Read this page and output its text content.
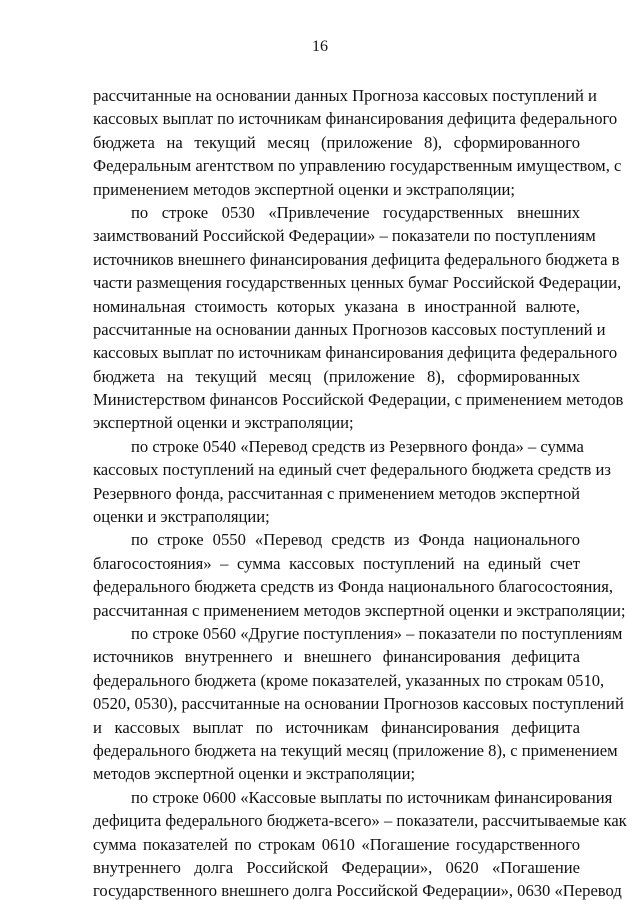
16
рассчитанные на основании данных Прогноза кассовых поступлений и
кассовых выплат по источникам финансирования дефицита федерального
бюджета на текущий месяц (приложение 8), сформированного
Федеральным агентством по управлению государственным имуществом, с
применением методов экспертной оценки и экстраполяции;
по строке 0530 «Привлечение государственных внешних
заимствований Российской Федерации» – показатели по поступлениям
источников внешнего финансирования дефицита федерального бюджета в
части размещения государственных ценных бумаг Российской Федерации,
номинальная стоимость которых указана в иностранной валюте,
рассчитанные на основании данных Прогнозов кассовых поступлений и
кассовых выплат по источникам финансирования дефицита федерального
бюджета на текущий месяц (приложение 8), сформированных
Министерством финансов Российской Федерации, с применением методов
экспертной оценки и экстраполяции;
по строке 0540 «Перевод средств из Резервного фонда» – сумма
кассовых поступлений на единый счет федерального бюджета средств из
Резервного фонда, рассчитанная с применением методов экспертной
оценки и экстраполяции;
по строке 0550 «Перевод средств из Фонда национального
благосостояния» – сумма кассовых поступлений на единый счет
федерального бюджета средств из Фонда национального благосостояния,
рассчитанная с применением методов экспертной оценки и экстраполяции;
по строке 0560 «Другие поступления» – показатели по поступлениям
источников внутреннего и внешнего финансирования дефицита
федерального бюджета (кроме показателей, указанных по строкам 0510,
0520, 0530), рассчитанные на основании Прогнозов кассовых поступлений
и кассовых выплат по источникам финансирования дефицита
федерального бюджета на текущий месяц (приложение 8), с применением
методов экспертной оценки и экстраполяции;
по строке 0600 «Кассовые выплаты по источникам финансирования
дефицита федерального бюджета-всего» – показатели, рассчитываемые как
сумма показателей по строкам 0610 «Погашение государственного
внутреннего долга Российской Федерации», 0620 «Погашение
государственного внешнего долга Российской Федерации», 0630 «Перевод
